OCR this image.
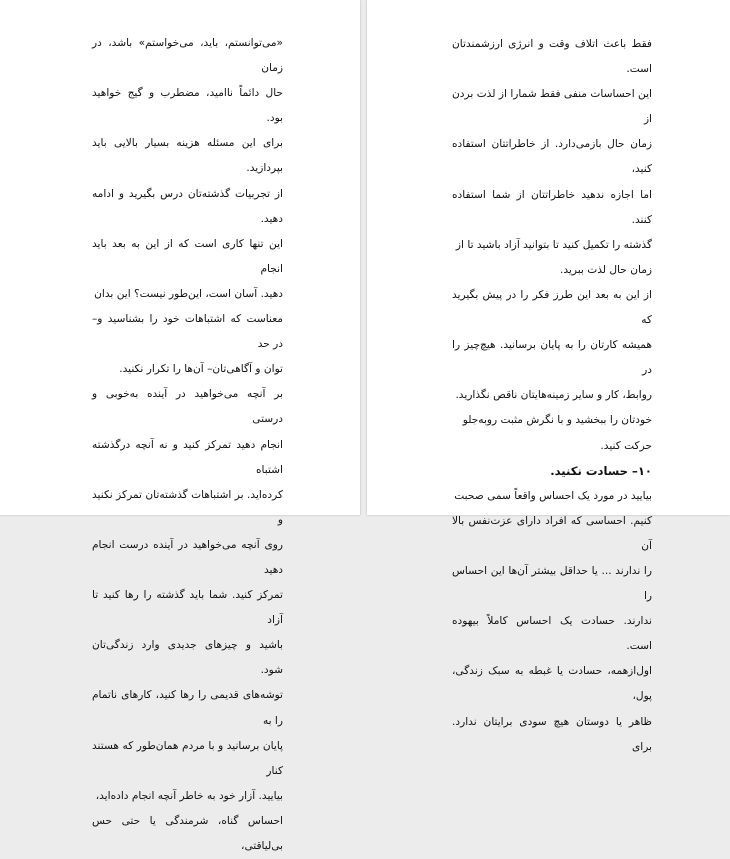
«می‌توانستم، باید، می‌خواستم» باشد، در زمان

حال دائماً ناامید، مضطرب و گیج خواهید بود.

برای این مسئله هزینه بسیار بالایی باید بپردازید.

از تجربیات گذشته‌تان درس بگیرید و ادامه دهید.

این تنها کاری است که از این به بعد باید انجام

دهید. آسان است، این‌طور نیست؟ این بدان

معناست که اشتباهات خود را بشناسید و– در حد

توان و آگاهی‌تان– آن‌ها را تکرار نکنید.

بر آنچه می‌خواهید در آینده به‌خوبی و درستی

انجام دهید تمرکز کنید و نه آنچه درگذشته اشتباه

کرده‌اید. بر اشتباهات گذشته‌تان تمرکز نکنید و

روی آنچه می‌خواهید در آینده درست انجام دهید

تمرکز کنید. شما باید گذشته را رها کنید تا آزاد

باشید و چیزهای جدیدی وارد زندگی‌تان شود.

توشه‌های قدیمی را رها کنید، کارهای ناتمام را به

پایان برسانید و با مردم همان‌طور که هستند کنار

بیایید. آزار خود به خاطر آنچه انجام داده‌اید،

احساس گناه، شرمندگی یا حتی حس بی‌لیاقتی،

فقط باعث اتلاف وقت و انرژی ارزشمندتان است.

این احساسات منفی فقط شمارا از لذت بردن از

زمان حال بازمی‌دارد. از خاطراتتان استفاده کنید،

اما اجازه ندهید خاطراتتان از شما استفاده کنند.

گذشته را تکمیل کنید تا بتوانید آزاد باشید تا از

زمان حال لذت ببرید.

از این به بعد این طرز فکر را در پیش بگیرید که

همیشه کارتان را به پایان برسانید. هیچ‌چیز را در

روابط، کار و سایر زمینه‌هایتان ناقص نگذارید.

خودتان را ببخشید و با نگرش مثبت روبه‌جلو

حرکت کنید.

۱۰– حسادت نکنید.

بیایید در مورد یک احساس واقعاً سمی صحبت

کنیم. احساسی که افراد دارای عزت‌نفس بالا آن

را ندارند ... یا حداقل بیشتر آن‌ها این احساس را

ندارند. حسادت یک احساس کاملاً بیهوده است.

اول‌ازهمه، حسادت یا غبطه به سبک زندگی، پول،

ظاهر یا دوستان هیچ سودی برایتان ندارد. برای
